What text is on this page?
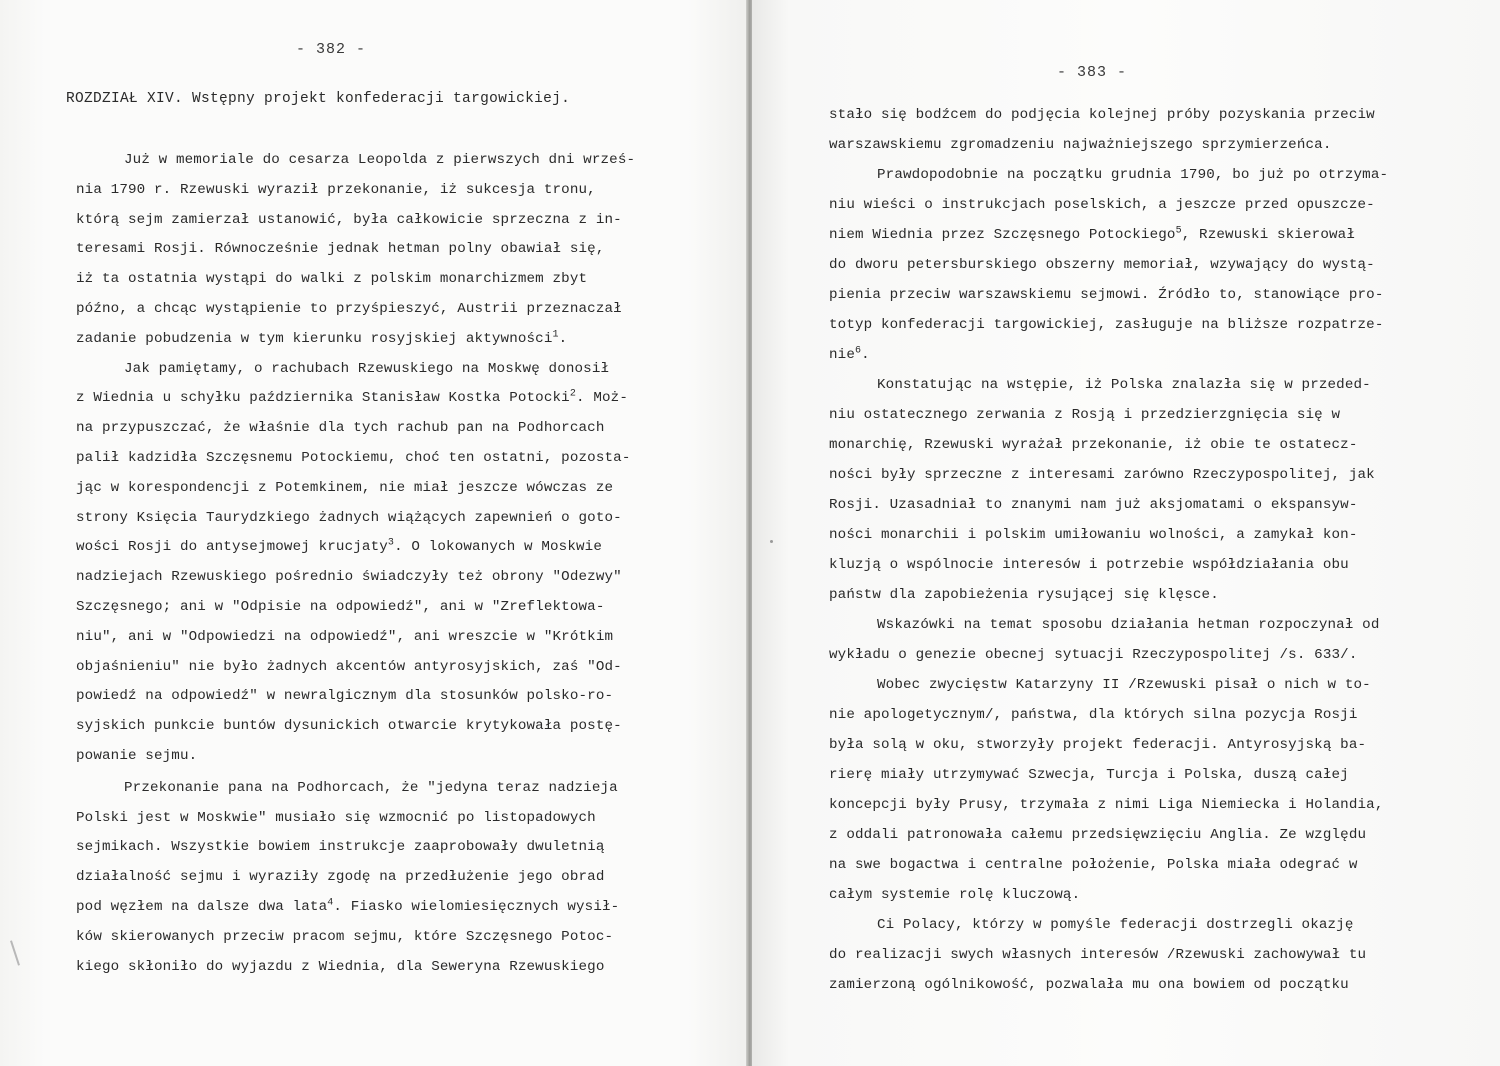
- 382 -
ROZDZIAŁ XIV. Wstępny projekt konfederacji targowickiej.
Już w memoriale do cesarza Leopolda z pierwszych dni wrześ-
nia 1790 r. Rzewuski wyraził przekonanie, iż sukcesja tronu,
którą sejm zamierzał ustanowić, była całkowicie sprzeczna z in-
teresami Rosji. Równocześnie jednak hetman polny obawiał się,
iż ta ostatnia wystąpi do walki z polskim monarchizmem zbyt
późno, a chcąc wystąpienie to przyśpieszyć, Austrii przeznaczał
zadanie pobudzenia w tym kierunku rosyjskiej aktywności$^1$.
Jak pamiętamy, o rachubach Rzewuskiego na Moskwę donosił
z Wiednia u schyłku października Stanisław Kostka Potocki$^2$. Moż-
na przypuszczać, że właśnie dla tych rachub pan na Podhorcach
palił kadzidła Szczęsnemu Potockiemu, choć ten ostatni, pozosta-
jąc w korespondencji z Potemkinem, nie miał jeszcze wówczas ze
strony Księcia Taurydzkiego żadnych wiążących zapewnień o goto-
wości Rosji do antysejmowej krucjaty$^3$. O lokowanych w Moskwie
nadziejach Rzewuskiego pośrednio świadczyły też obrony "Odezwy"
Szczęsnego; ani w "Odpisie na odpowiedź", ani w "Zreflektowa-
niu", ani w "Odpowiedzi na odpowiedź", ani wreszcie w "Krótkim
objaśnieniu" nie było żadnych akcentów antyrosyjskich, zaś "Od-
powiedź na odpowiedź" w newralgicznym dla stosunków polsko-ro-
syjskich punkcie buntów dysunickich otwarcie krytykowała postę-
powanie sejmu.
Przekonanie pana na Podhorcach, że "jedyna teraz nadzieja
Polski jest w Moskwie" musiało się wzmocnić po listopadowych
sejmikach. Wszystkie bowiem instrukcje zaaprobowały dwuletnią
działalność sejmu i wyraziły zgodę na przedłużenie jego obrad
pod węzłem na dalsze dwa lata$^4$. Fiasko wielomiesięcznych wysił-
ków skierowanych przeciw pracom sejmu, które Szczęsnego Potoc-
kiego skłoniło do wyjazdu z Wiednia, dla Seweryna Rzewuskiego
- 383 -
stało się bodźcem do podjęcia kolejnej próby pozyskania przeciw
warszawskiemu zgromadzeniu najważniejszego sprzymierzeńca.
Prawdopodobnie na początku grudnia 1790, bo już po otrzyma-
niu wieści o instrukcjach poselskich, a jeszcze przed opuszcze-
niem Wiednia przez Szczęsnego Potockiego$^5$, Rzewuski skierował
do dworu petersburskiego obszerny memoriał, wzywający do wystą-
pienia przeciw warszawskiemu sejmowi. Źródło to, stanowiące pro-
totyp konfederacji targowickiej, zasługuje na bliższe rozpatrze-
nie$^6$.
Konstatując na wstępie, iż Polska znalazła się w przeded-
niu ostatecznego zerwania z Rosją i przedzierzgnięcia się w
monarchię, Rzewuski wyrażał przekonanie, iż obie te ostatecz-
ności były sprzeczne z interesami zarówno Rzeczypospolitej, jak
Rosji. Uzasadniał to znanymi nam już aksjomatami o ekspansyw-
ności monarchii i polskim umiłowaniu wolności, a zamykał kon-
kluzją o wspólnocie interesów i potrzebie współdziałania obu
państw dla zapobieżenia rysującej się klęsce.
Wskazówki na temat sposobu działania hetman rozpoczynał od
wykładu o genezie obecnej sytuacji Rzeczypospolitej /s. 633/.
Wobec zwycięstw Katarzyny II /Rzewuski pisał o nich w to-
nie apologetycznym/, państwa, dla których silna pozycja Rosji
była solą w oku, stworzyły projekt federacji. Antyrosyjską ba-
rierę miały utrzymywać Szwecja, Turcja i Polska, duszą całej
koncepcji były Prusy, trzymała z nimi Liga Niemiecka i Holandia,
z oddali patronowała całemu przedsięwzięciu Anglia. Ze względu
na swe bogactwa i centralne położenie, Polska miała odegrać w
całym systemie rolę kluczową.
Ci Polacy, którzy w pomyśle federacji dostrzegli okazję
do realizacji swych własnych interesów /Rzewuski zachowywał tu
zamierzoną ogólnikowość, pozwalała mu ona bowiem od początku
